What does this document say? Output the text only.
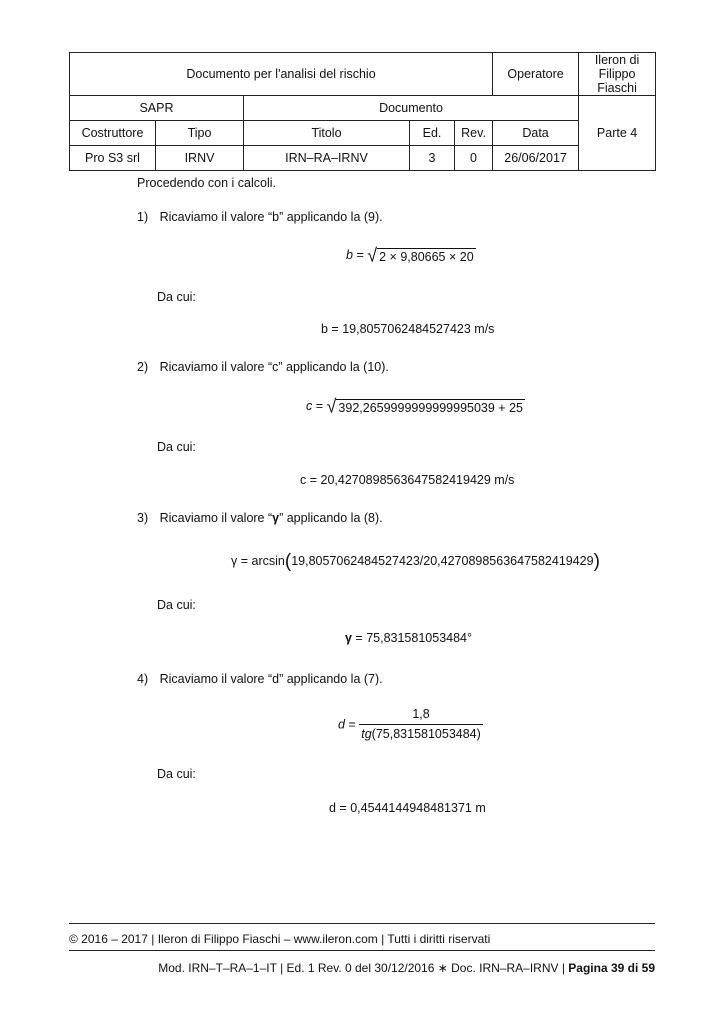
Documento per l'analisi del rischio					Operatore	Ileron di Filippo Fiaschi
SAPR		Documento				Parte 4
Costruttore	Tipo	Titolo	Ed.	Rev.	Data	
Pro S3 srl	IRNV	IRN–RA–IRNV	3	0	26/06/2017	
Procedendo con i calcoli.
1) Ricaviamo il valore “b” applicando la (9).
b = √ 2 × 9,80665 × 20
Da cui:
b = 19,8057062484527423 m/s
2) Ricaviamo il valore “c” applicando la (10).
c = √ 392,2659999999999995039 + 25
Da cui:
c = 20,4270898563647582419429 m/s
3) Ricaviamo il valore “γ” applicando la (8).
γ = arcsin(19,8057062484527423/20,4270898563647582419429)
Da cui:
γ = 75,831581053484°
4) Ricaviamo il valore “d” applicando la (7).
$d = \frac{1,8}{tg(75,831581053484)}$
Da cui:
d = 0,4544144948481371 m
© 2016 – 2017 | Ileron di Filippo Fiaschi – www.ileron.com | Tutti i diritti riservati
Mod. IRN–T–RA–1–IT | Ed. 1 Rev. 0 del 30/12/2016 ∗ Doc. IRN–RA–IRNV | Pagina 39 di 59
